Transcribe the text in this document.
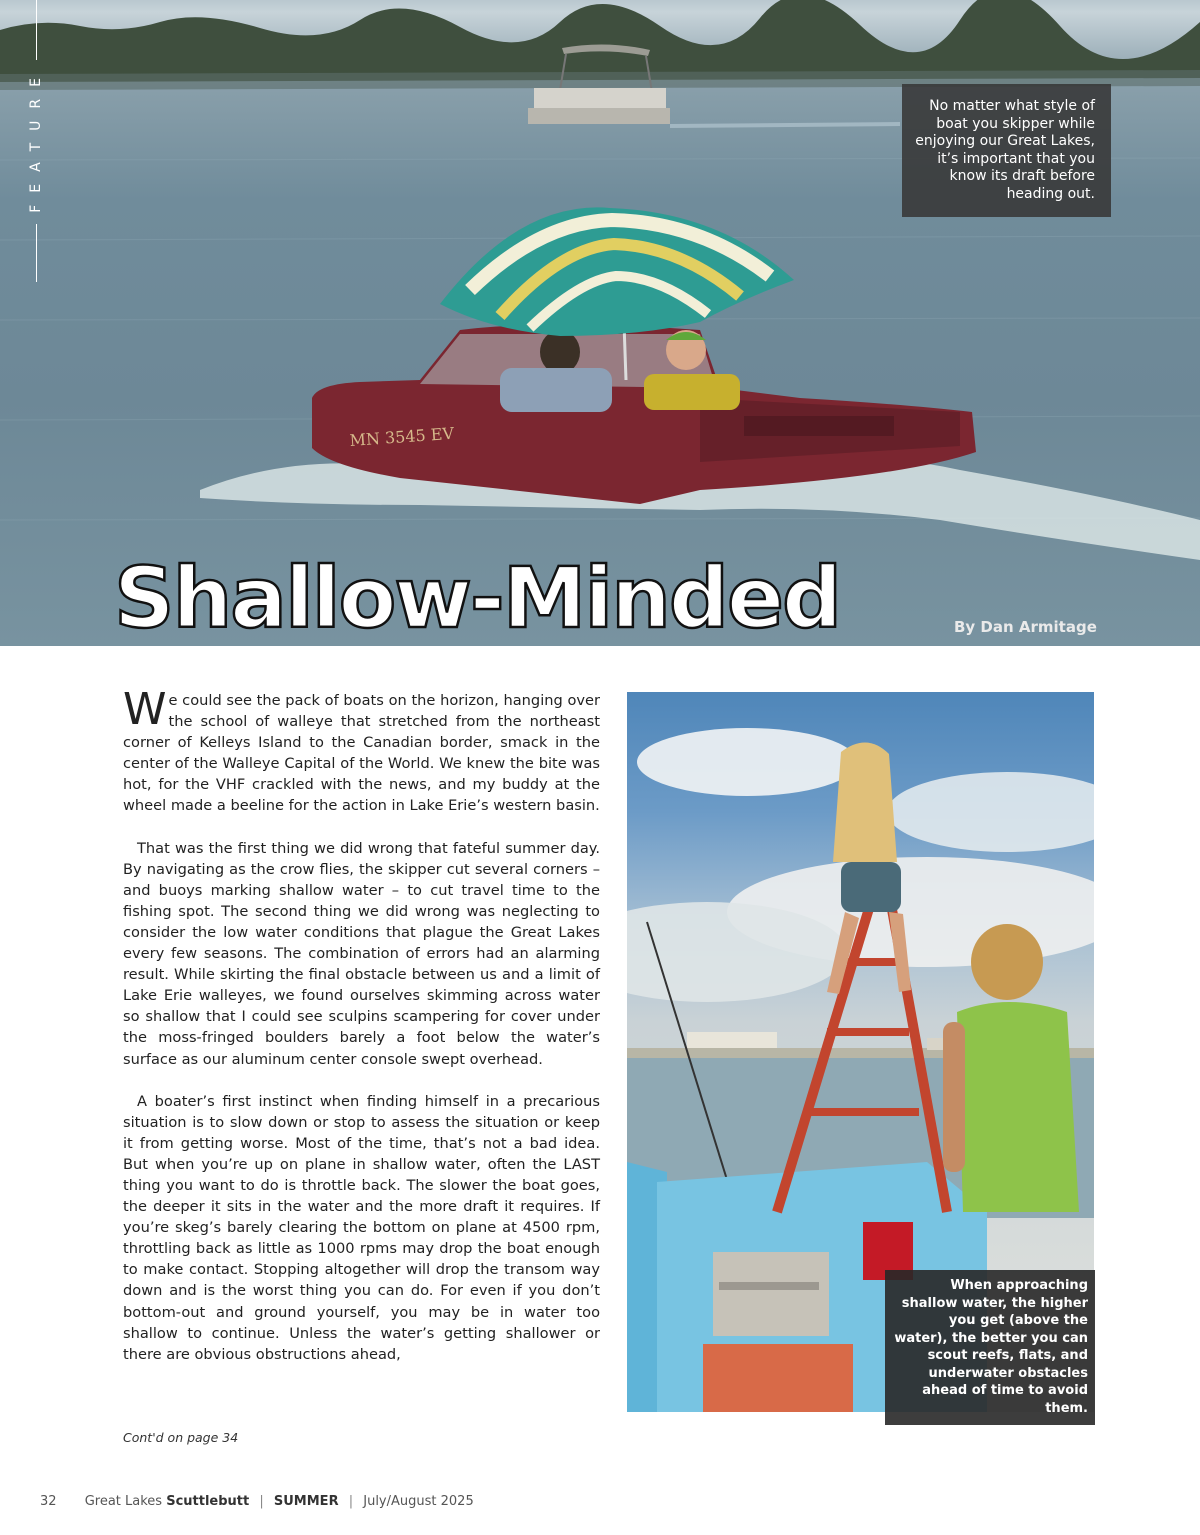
MN 3545 EV
FEATURE	No matter what style of boat you skipper while enjoying our Great Lakes, it’s important that you know its draft before heading out.
Shallow-Minded	By Dan Armitage

We could see the pack of boats on the horizon, hanging over the school of walleye that stretched from the northeast corner of Kelleys Island to the Canadian border, smack in the center of the Walleye Capital of the World. We knew the bite was hot, for the VHF crackled with the news, and my buddy at the wheel made a beeline for the action in Lake Erie’s western basin.

That was the first thing we did wrong that fateful summer day. By navigating as the crow flies, the skipper cut several corners – and buoys marking shallow water – to cut travel time to the fishing spot. The second thing we did wrong was neglecting to consider the low water conditions that plague the Great Lakes every few seasons. The combination of errors had an alarming result. While skirting the final obstacle between us and a limit of Lake Erie walleyes, we found ourselves skimming across water so shallow that I could see sculpins scampering for cover under the moss-fringed boulders barely a foot below the water’s surface as our aluminum center console swept overhead.

A boater’s first instinct when finding himself in a precarious situation is to slow down or stop to assess the situation or keep it from getting worse. Most of the time, that’s not a bad idea. But when you’re up on plane in shallow water, often the LAST thing you want to do is throttle back. The slower the boat goes, the deeper it sits in the water and the more draft it requires. If you’re skeg’s barely clearing the bottom on plane at 4500 rpm, throttling back as little as 1000 rpms may drop the boat enough to make contact. Stopping altogether will drop the transom way down and is the worst thing you can do. For even if you don’t bottom-out and ground yourself, you may be in water too shallow to continue. Unless the water’s getting shallower or there are obvious obstructions ahead,

Cont'd on page 34
When approaching shallow water, the higher you get (above the water), the better you can scout reefs, flats, and underwater obstacles ahead of time to avoid them.
32 Great Lakes Scuttlebutt | SUMMER | July/August 2025
